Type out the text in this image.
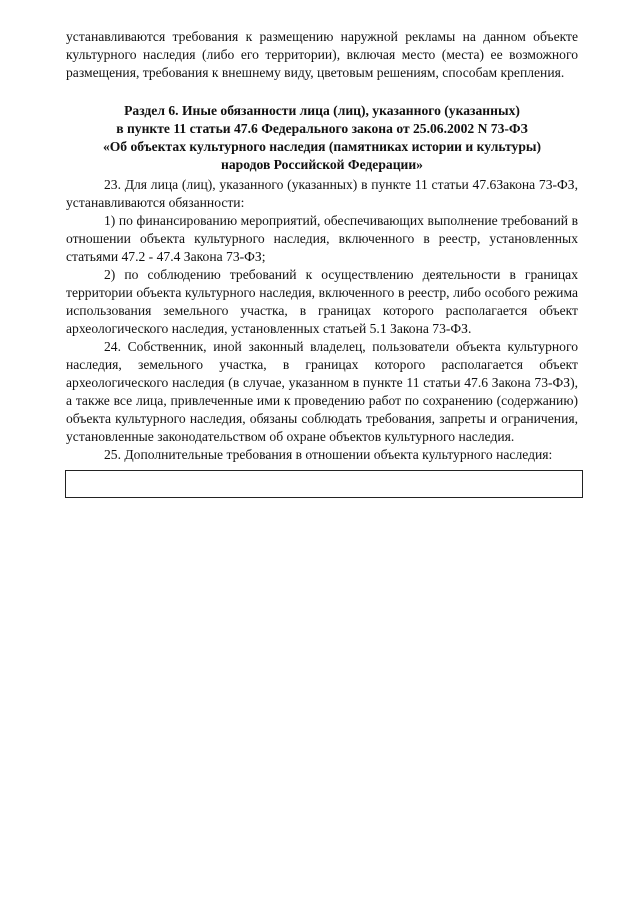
устанавливаются требования к размещению наружной рекламы на данном объекте культурного наследия (либо его территории), включая место (места) ее возможного размещения, требования к внешнему виду, цветовым решениям, способам крепления.

Раздел 6. Иные обязанности лица (лиц), указанного (указанных)
в пункте 11 статьи 47.6 Федерального закона от 25.06.2002 N 73-ФЗ
«Об объектах культурного наследия (памятниках истории и культуры)
народов Российской Федерации»

23. Для лица (лиц), указанного (указанных) в пункте 11 статьи 47.6Закона 73-ФЗ, устанавливаются обязанности:

1) по финансированию мероприятий, обеспечивающих выполнение требований в отношении объекта культурного наследия, включенного в реестр, установленных статьями 47.2 - 47.4 Закона 73-ФЗ;

2) по соблюдению требований к осуществлению деятельности в границах территории объекта культурного наследия, включенного в реестр, либо особого режима использования земельного участка, в границах которого располагается объект археологического наследия, установленных статьей 5.1 Закона 73-ФЗ.

24. Собственник, иной законный владелец, пользователи объекта культурного наследия, земельного участка, в границах которого располагается объект археологического наследия (в случае, указанном в пункте 11 статьи 47.6 Закона 73-ФЗ), а также все лица, привлеченные ими к проведению работ по сохранению (содержанию) объекта культурного наследия, обязаны соблюдать требования, запреты и ограничения, установленные законодательством об охране объектов культурного наследия.

25. Дополнительные требования в отношении объекта культурного наследия:
